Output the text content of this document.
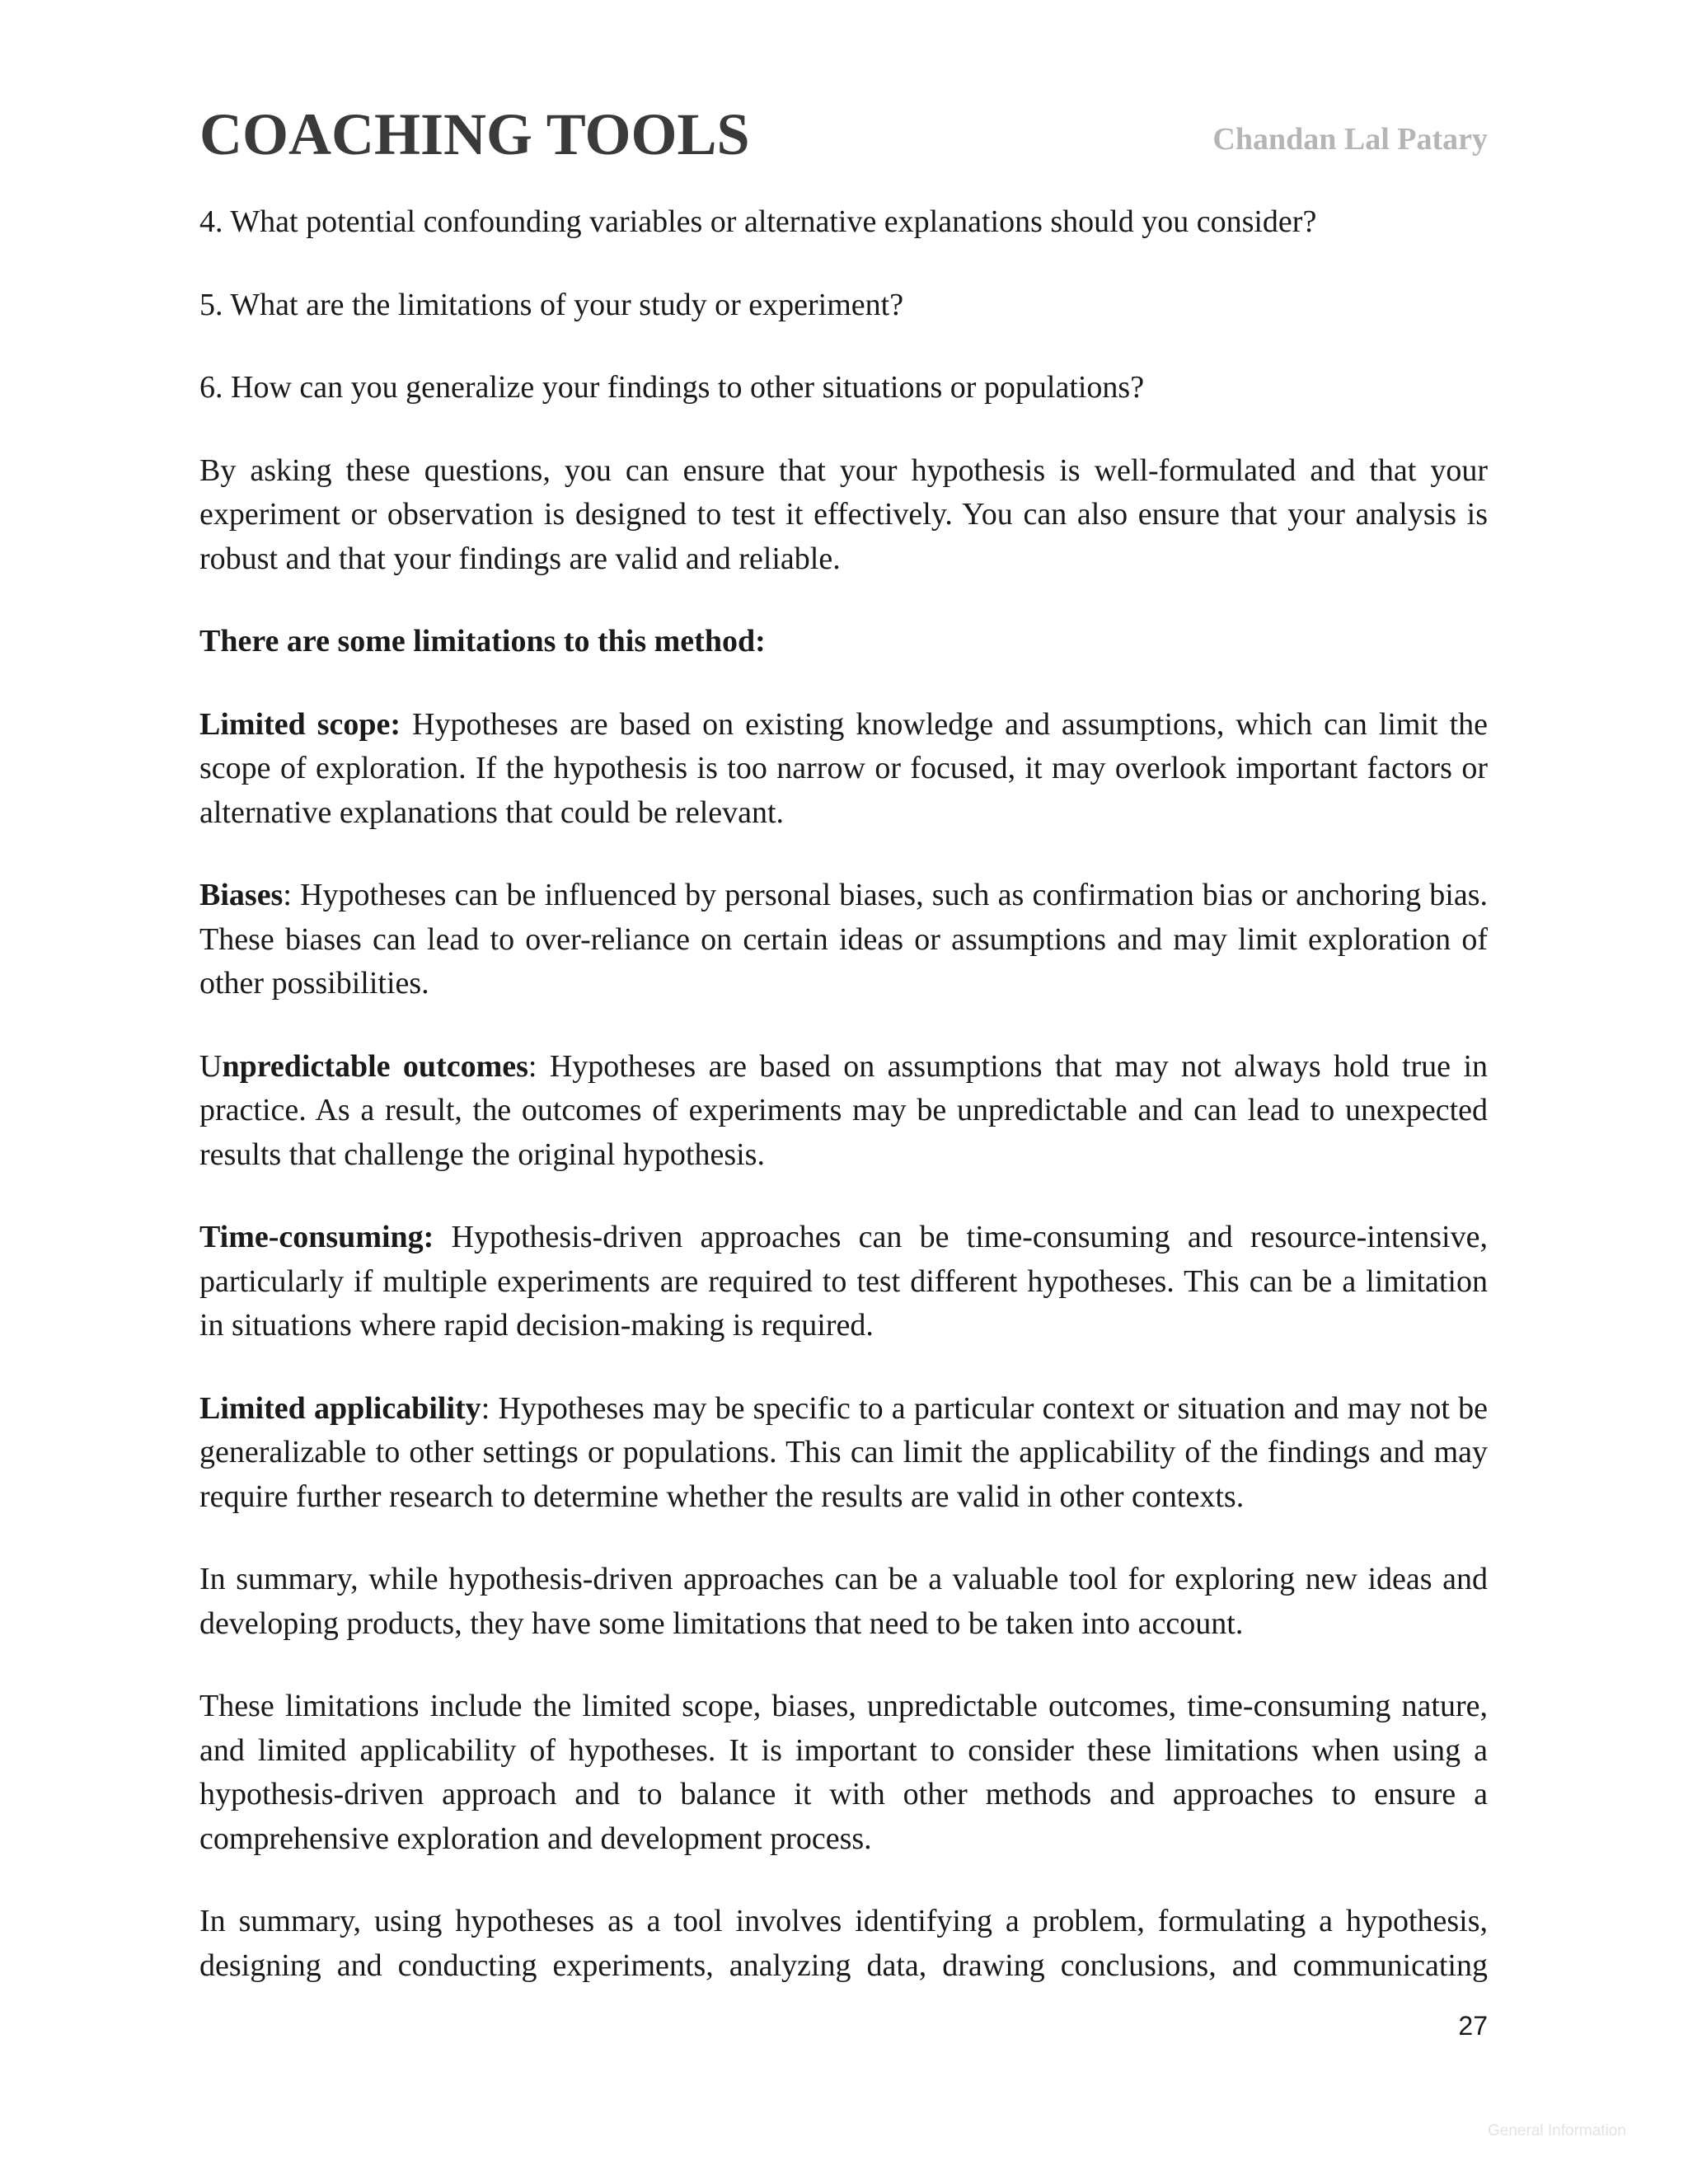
COACHING TOOLS	Chandan Lal Patary

4. What potential confounding variables or alternative explanations should you consider?

5. What are the limitations of your study or experiment?

6. How can you generalize your findings to other situations or populations?

By asking these questions, you can ensure that your hypothesis is well-formulated and that your experiment or observation is designed to test it effectively. You can also ensure that your analysis is robust and that your findings are valid and reliable.

There are some limitations to this method:

Limited scope: Hypotheses are based on existing knowledge and assumptions, which can limit the scope of exploration. If the hypothesis is too narrow or focused, it may overlook important factors or alternative explanations that could be relevant.

Biases: Hypotheses can be influenced by personal biases, such as confirmation bias or anchoring bias. These biases can lead to over-reliance on certain ideas or assumptions and may limit exploration of other possibilities.

Unpredictable outcomes: Hypotheses are based on assumptions that may not always hold true in practice. As a result, the outcomes of experiments may be unpredictable and can lead to unexpected results that challenge the original hypothesis.

Time-consuming: Hypothesis-driven approaches can be time-consuming and resource-intensive, particularly if multiple experiments are required to test different hypotheses. This can be a limitation in situations where rapid decision-making is required.

Limited applicability: Hypotheses may be specific to a particular context or situation and may not be generalizable to other settings or populations. This can limit the applicability of the findings and may require further research to determine whether the results are valid in other contexts.

In summary, while hypothesis-driven approaches can be a valuable tool for exploring new ideas and developing products, they have some limitations that need to be taken into account.

These limitations include the limited scope, biases, unpredictable outcomes, time-consuming nature, and limited applicability of hypotheses. It is important to consider these limitations when using a hypothesis-driven approach and to balance it with other methods and approaches to ensure a comprehensive exploration and development process.

In summary, using hypotheses as a tool involves identifying a problem, formulating a hypothesis, designing and conducting experiments, analyzing data, drawing conclusions, and communicating

27
General Information
